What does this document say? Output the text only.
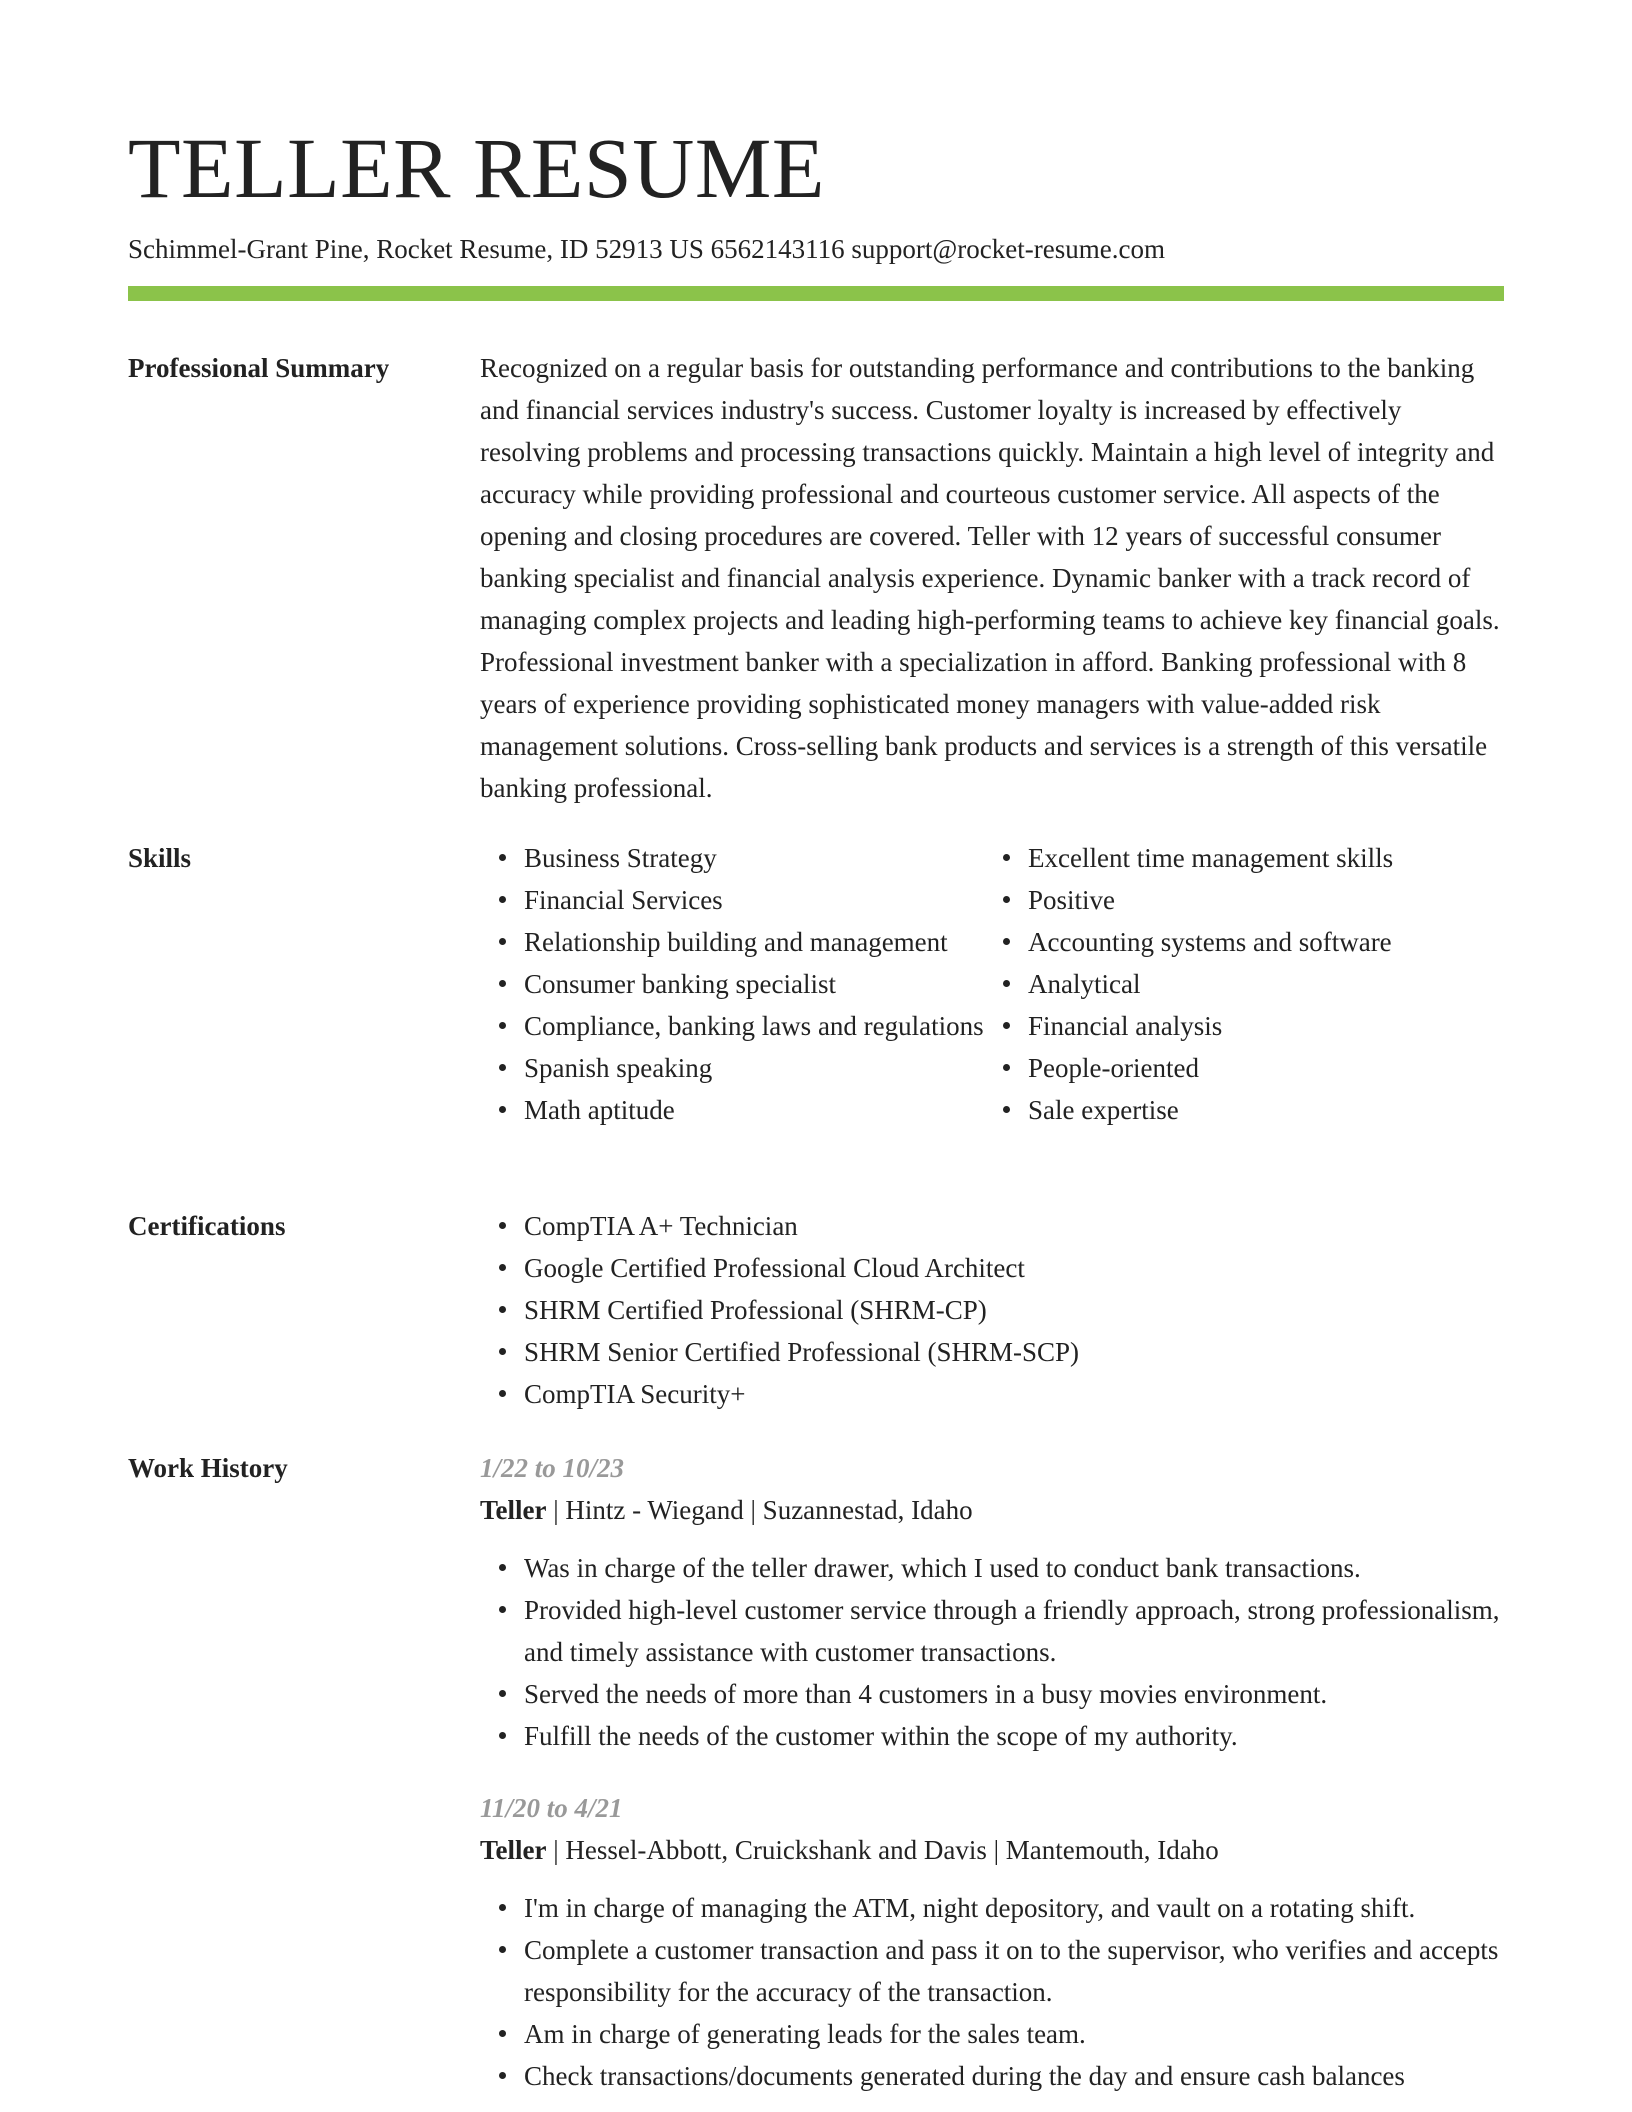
TELLER RESUME
Schimmel-Grant Pine, Rocket Resume, ID 52913 US 6562143116 support@rocket-resume.com
Professional Summary	Recognized on a regular basis for outstanding performance and contributions to the banking and financial services industry's success. Customer loyalty is increased by effectively resolving problems and processing transactions quickly. Maintain a high level of integrity and accuracy while providing professional and courteous customer service. All aspects of the opening and closing procedures are covered. Teller with 12 years of successful consumer banking specialist and financial analysis experience. Dynamic banker with a track record of managing complex projects and leading high-performing teams to achieve key financial goals. Professional investment banker with a specialization in afford. Banking professional with 8 years of experience providing sophisticated money managers with value-added risk management solutions. Cross-selling bank products and services is a strength of this versatile banking professional.

Skills	Business Strategy
Financial Services
Relationship building and management
Consumer banking specialist
Compliance, banking laws and regulations
Spanish speaking
Math aptitude
Excellent time management skills
Positive
Accounting systems and software
Analytical
Financial analysis
People-oriented
Sale expertise
Certifications	CompTIA A+ Technician
Google Certified Professional Cloud Architect
SHRM Certified Professional (SHRM-CP)
SHRM Senior Certified Professional (SHRM-SCP)
CompTIA Security+
Work History	1/22 to 10/23
Teller | Hintz - Wiegand | Suzannestad, Idaho
Was in charge of the teller drawer, which I used to conduct bank transactions.
Provided high-level customer service through a friendly approach, strong professionalism, and timely assistance with customer transactions.
Served the needs of more than 4 customers in a busy movies environment.
Fulfill the needs of the customer within the scope of my authority.
11/20 to 4/21
Teller | Hessel-Abbott, Cruickshank and Davis | Mantemouth, Idaho
I'm in charge of managing the ATM, night depository, and vault on a rotating shift.
Complete a customer transaction and pass it on to the supervisor, who verifies and accepts responsibility for the accuracy of the transaction.
Am in charge of generating leads for the sales team.
Check transactions/documents generated during the day and ensure cash balances
